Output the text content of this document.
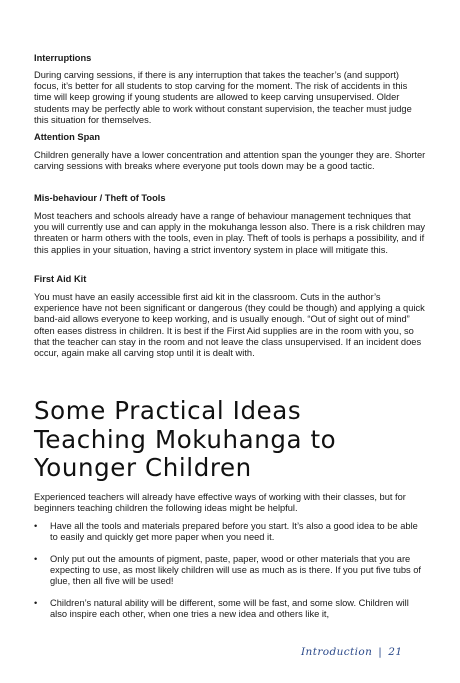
Interruptions

During carving sessions, if there is any interruption that takes the teacher’s (and support) focus, it’s better for all students to stop carving for the moment. The risk of accidents in this time will keep growing if young students are allowed to keep carving unsupervised. Older students may be perfectly able to work without constant supervision, the teacher must judge this situation for themselves.

Attention Span

Children generally have a lower concentration and attention span the younger they are. Shorter carving sessions with breaks where everyone put tools down may be a good tactic.

Mis-behaviour / Theft of Tools

Most teachers and schools already have a range of behaviour management techniques that you will currently use and can apply in the mokuhanga lesson also. There is a risk children may threaten or harm others with the tools, even in play. Theft of tools is perhaps a possibility, and if this applies in your situation, having a strict inventory system in place will mitigate this.

First Aid Kit

You must have an easily accessible first aid kit in the classroom. Cuts in the author’s experience have not been significant or dangerous (they could be though) and applying a quick band-aid allows everyone to keep working, and is usually enough. “Out of sight out of mind” often eases distress in children. It is best if the First Aid supplies are in the room with you, so that the teacher can stay in the room and not leave the class unsupervised. If an incident does occur, again make all carving stop until it is dealt with.

Some Practical Ideas
Teaching Mokuhanga to
Younger Children

Experienced teachers will already have effective ways of working with their classes, but for beginners teaching children the following ideas might be helpful.

• Have all the tools and materials prepared before you start. It’s also a good idea to be able to easily and quickly get more paper when you need it.
• Only put out the amounts of pigment, paste, paper, wood or other materials that you are expecting to use, as most likely children will use as much as is there. If you put five tubs of glue, then all five will be used!
• Children’s natural ability will be different, some will be fast, and some slow. Children will also inspire each other, when one tries a new idea and others like it,
Introduction | 21
